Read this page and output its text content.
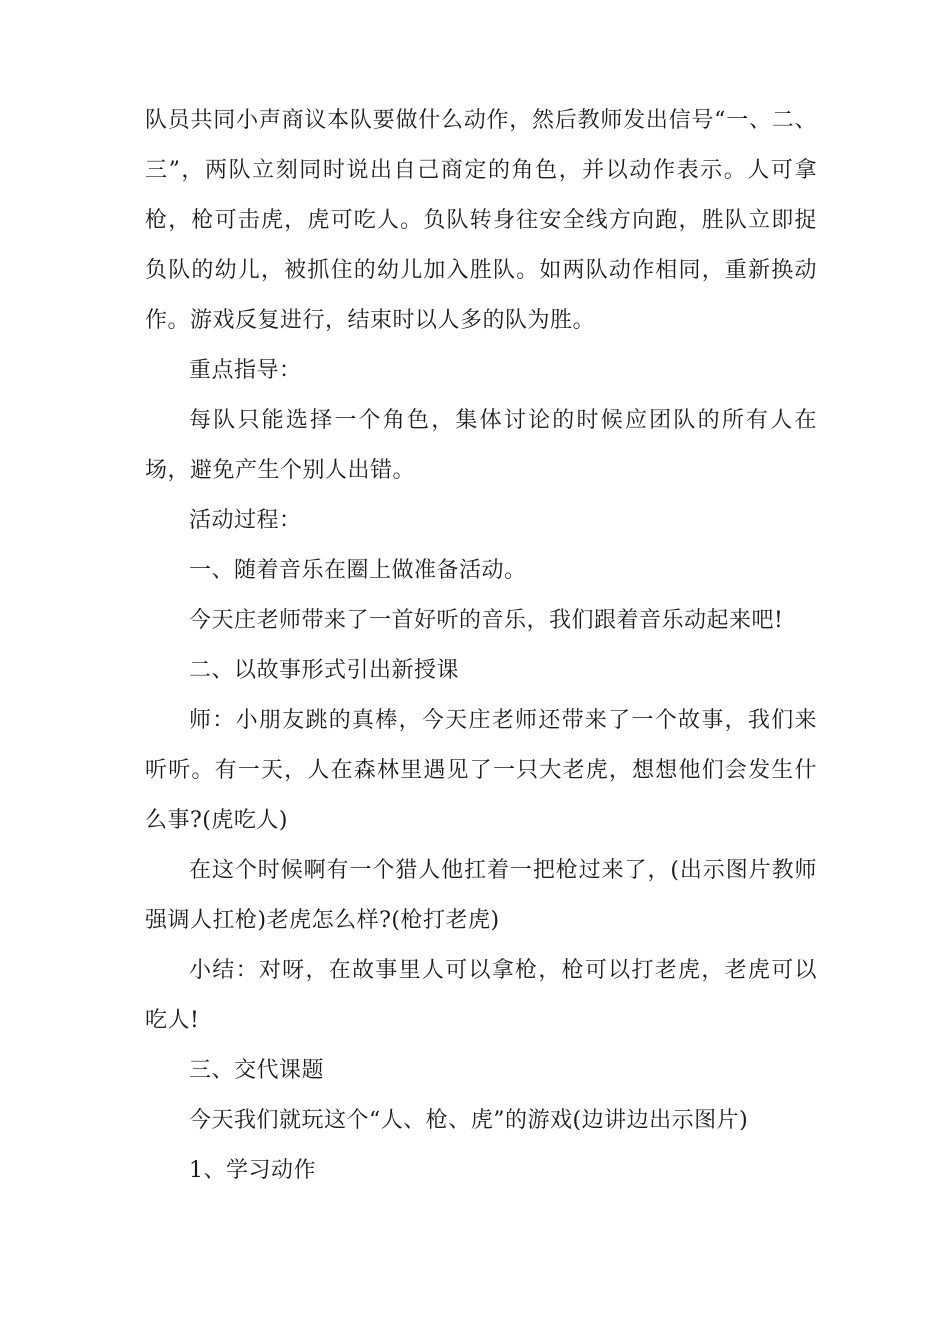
队员共同小声商议本队要做什么动作，然后教师发出信号“一、二、三”，两队立刻同时说出自己商定的角色，并以动作表示。人可拿枪，枪可击虎，虎可吃人。负队转身往安全线方向跑，胜队立即捉负队的幼儿，被抓住的幼儿加入胜队。如两队动作相同，重新换动作。游戏反复进行，结束时以人多的队为胜。

重点指导：

每队只能选择一个角色，集体讨论的时候应团队的所有人在场，避免产生个别人出错。

活动过程：

一、随着音乐在圈上做准备活动。

今天庄老师带来了一首好听的音乐，我们跟着音乐动起来吧!

二、以故事形式引出新授课

师：小朋友跳的真棒，今天庄老师还带来了一个故事，我们来听听。有一天，人在森林里遇见了一只大老虎，想想他们会发生什么事?(虎吃人)

在这个时候啊有一个猎人他扛着一把枪过来了，(出示图片教师强调人扛枪)老虎怎么样?(枪打老虎)

小结：对呀，在故事里人可以拿枪，枪可以打老虎，老虎可以吃人!

三、交代课题

今天我们就玩这个“人、枪、虎”的游戏(边讲边出示图片)

1、学习动作
